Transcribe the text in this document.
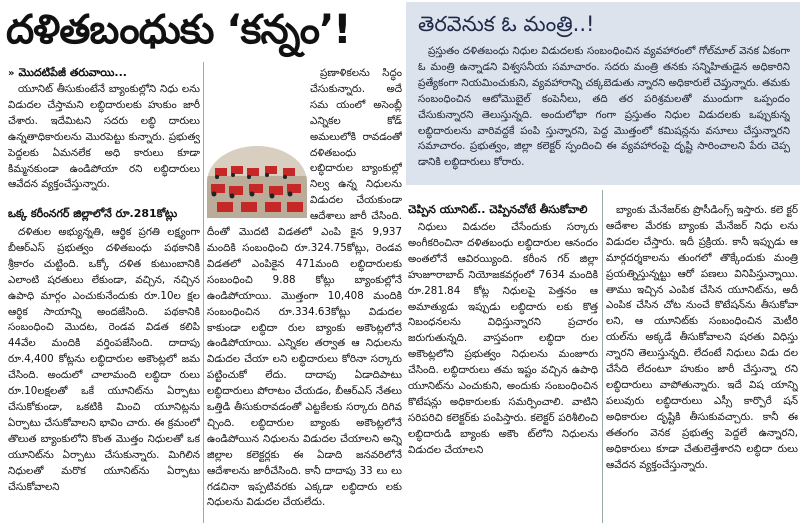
దళితబంధుకు ‘కన్నం’!
» మొదటిపేజీ తరువాయి...

యూనిట్‌ తీసుకుంటేనే బ్యాంకుల్లోని నిధు లను విడుదల చేస్తామని లబ్ధిదారులకు హుకుం జారీ చేశారు. ఇదేమిటని సదరు లబ్ధి దారులు ఉన్నతాధికారులను మొరపెట్టు కున్నారు. ప్రభుత్వ పెద్దలకు ఏమనలేక అధి కారులు కూడా కిమ్మనకుండా ఉండిపోయా రని లబ్ధిదారులు ఆవేదన వ్యక్తంచేస్తున్నారు.

ఒక్క కరీంనగర్‌ జిల్లాలోనే రూ.281కోట్లు

దళితుల అభ్యున్నతి, ఆర్థిక ప్రగతి లక్ష్యంగా బీఆర్‌ఎస్‌ ప్రభుత్వం దళితబంధు పథకానికి శ్రీకారం చుట్టింది. ఒక్కో దళిత కుటుంబానికి ఎలాంటి షరతులు లేకుండా, వచ్చిన, నచ్చిన ఉపాధి మార్గం ఎంచుకునేందుకు రూ.10ల క్షల ఆర్థిక సాయాన్ని అందజేసింది. పథకానికి సంబంధించి మొదట, రెండవ విడత కలిపి 44వేల మందికి వర్తింపజేసింది. దాదాపు రూ.4,400 కోట్లను లబ్ధిదారుల అకౌంట్లలో జమ చేసింది. అందులో చాలామంది లబ్ధిదా రులు రూ.10లక్షలతో ఒకే యూనిట్‌ను ఏర్పాటు చేసుకోకుండా, ఒకటికి మించి యూనిట్లను ఏర్పాటు చేసుకోవాలని భావిం చారు. ఈ క్రమంలో తొలుత బ్యాంకులోని కొంత మొత్తం నిధులతో ఒక యూనిట్‌ను ఏర్పాటు చేసుకున్నారు. మిగిలిన నిధులతో మరొక యూనిట్‌ను ఏర్పాటు చేసుకోవాలని

ప్రణాళికలను సిద్ధం చేసుకున్నారు. అదే సమ యంలో అసెంబ్లీ ఎన్నికల కోడ్‌ అమలులోకి రావడంతో దళితబంధు లబ్ధిదారుల బ్యాంకుల్లో నిల్వ ఉన్న నిధులను విడుదల చేయకుండా ఆదేశాలు జారీ చేసింది. దీంతో మొదటి విడతలో ఎంపి కైన 9,937 మందికి సంబంధించి రూ.324.75కోట్లు, రెండవ విడతలో ఎంపికైన 471మంది లబ్ధిదారులకు సంబంధించి 9.88 కోట్లు బ్యాంకుల్లోనే ఉండిపోయాయి. మొత్తంగా 10,408 మందికి సంబంధించిన రూ.334.63కోట్లు విడుదల కాకుండా లబ్ధిదా రుల బ్యాంకు అకౌంట్లలోనే ఉండిపోయాయి. ఎన్నికల తర్వాత ఆ నిధులను విడుదల చేయా లని లబ్ధిదారులు కోరినా సర్కారు పట్టించుకో లేదు. దాదాపు ఏడాదిపాటు లబ్ధిదారులు పోరాటం చేయడం, బీఆర్‌ఎస్‌ నేతలు ఒత్తిడి తీసుకురావడంతో ఎట్టకేలకు సర్కారు దిగివ చ్చింది. లబ్ధిదారుల బ్యాంకు అకౌంట్లలోనే ఉండిపోయిన నిధులను విడుదల చేయాలని అన్ని జిల్లాల కలెక్టర్లకు ఈ ఏడాది జనవరిలోనే ఆదేశాలను జారీచేసింది. కానీ దాదాపు 33 లు లు గడచినా ఇప్పటివరకు ఎక్కడా లబ్ధిదారు లకు నిధులను విడుదల చేయలేదు.

తెరవెనుక ఓ మంత్రి..!

ప్రస్తుతం దళితబంధు నిధుల విడుదలకు సంబంధించిన వ్యవహారంలో గోల్‌మాల్‌ వెనక ఏకంగా ఓ మంత్రి ఉన్నాడని విశ్వసనీయ సమాచారం. సదరు మంత్రి తనకు సన్నిహితుడైన అధికారిని ప్రత్యేకంగా నియమించుకుని, వ్యవహారాన్ని చక్కబెడుతు న్నారని అధికారులే చెప్తున్నారు. తమకు సంబంధించిన ఆటోమొబైల్‌ కంపెనీలు, తది తర పరిశ్రమలతో ముందుగా ఒప్పందం చేసుకున్నారని తెలుస్తున్నది. అందులోభా గంగా ప్రస్తుతం నిధుల విడుదలకు ఒప్పుకున్న లబ్ధిదారులను వారివద్దకే పంపి స్తున్నారని, పెద్ద మొత్తంలో కమిషన్లను వసూలు చేస్తున్నారని సమాచారం. ప్రభుత్వం, జిల్లా కలెక్టర్‌ స్పందించి ఈ వ్యవహారంపై దృష్టి సారించాలని పేరు చెప్ప డానికి లబ్ధిదారులు కోరారు.

చెప్పిన యూనిట్‌.. చెప్పినచోటే తీసుకోవాలి

నిధులు విడుదల చేసేందుకు సర్కారు అంగీకరించినా దళితబంధు లబ్ధిదారుల ఆనందం అంతలోనే ఆవిరయ్యింది. కరీంన గర్‌ జిల్లా హుజూరాబాద్‌ నియోజకవర్గంలో 7634 మందికి రూ.281.84 కోట్ల నిధులపై పెత్తనం ఆ అమాత్యుడు ఇప్పుడు లబ్ధిదారు లకు కొత్త నిబంధనలను విధిస్తున్నారని ప్రచారం జరుగుతున్నది. వాస్తవంగా లబ్ధిదా రుల అకౌంట్లలోని ప్రభుత్వం నిధులను మంజూరు చేసింది. లబ్ధిదారులు తమ ఇష్టం వచ్చిన ఉపాధి యూనిట్‌ను ఎంచుకుని, అందుకు సంబంధించిన కొటేషన్లు అధికారులకు సమర్పించాలి. వాటిని సరిపరిచి కలెక్టర్‌కు పంపిస్తారు. కలెక్టర్‌ పరిశీలించి లబ్ధిదారుడి బ్యాంకు అకౌం ట్‌లోని నిధులను విడుదల చేయాలని

బ్యాంకు మేనేజర్‌కు ప్రొసీడింగ్స్‌ ఇస్తారు. కలె క్టర్‌ ఆదేశాల మేరకు బ్యాంకు మేనేజర్‌ నిధు లను విడుదల చేస్తారు. ఇదీ ప్రక్రియ. కానీ ఇప్పుడు ఆ మార్గదర్శకాలను తుంగలో తొక్కేందుకు మంత్రి ప్రయత్నిస్తున్నట్టు ఆరో పణలు వినిపిస్తున్నాయి. తాము ఇచ్చిన ఎంపిక చేసిన యూనిట్‌ను, అదీ ఎంపిక చేసిన చోట నుంచే కొటేషన్‌ను తీసుకోవా లని, ఆ యూనిట్‌కు సంబంధించిన మెటీరి యల్‌ను అక్కడే తీసుకోవాలని షరతు విధిస్తు న్నారని తెలుస్తున్నది. లేదంటే నిధులు విడు దల చేసేది లేదంటూ హుకుం జారీ చేస్తున్నా రని లబ్ధిదారులు వాపోతున్నారు. ఇదే విష యాన్ని పలువురు లబ్ధిదారులు ఎస్సీ కార్పొరే షన్‌ అధికారుల దృష్టికి తీసుకువచ్చారు. కానీ ఈ తతంగం వెనక ప్రభుత్వ పెద్దలే ఉన్నారని, అధికారులు కూడా చేతులెత్తేశారని లబ్ధిదా రులు ఆవేదన వ్యక్తంచేస్తున్నారు.
